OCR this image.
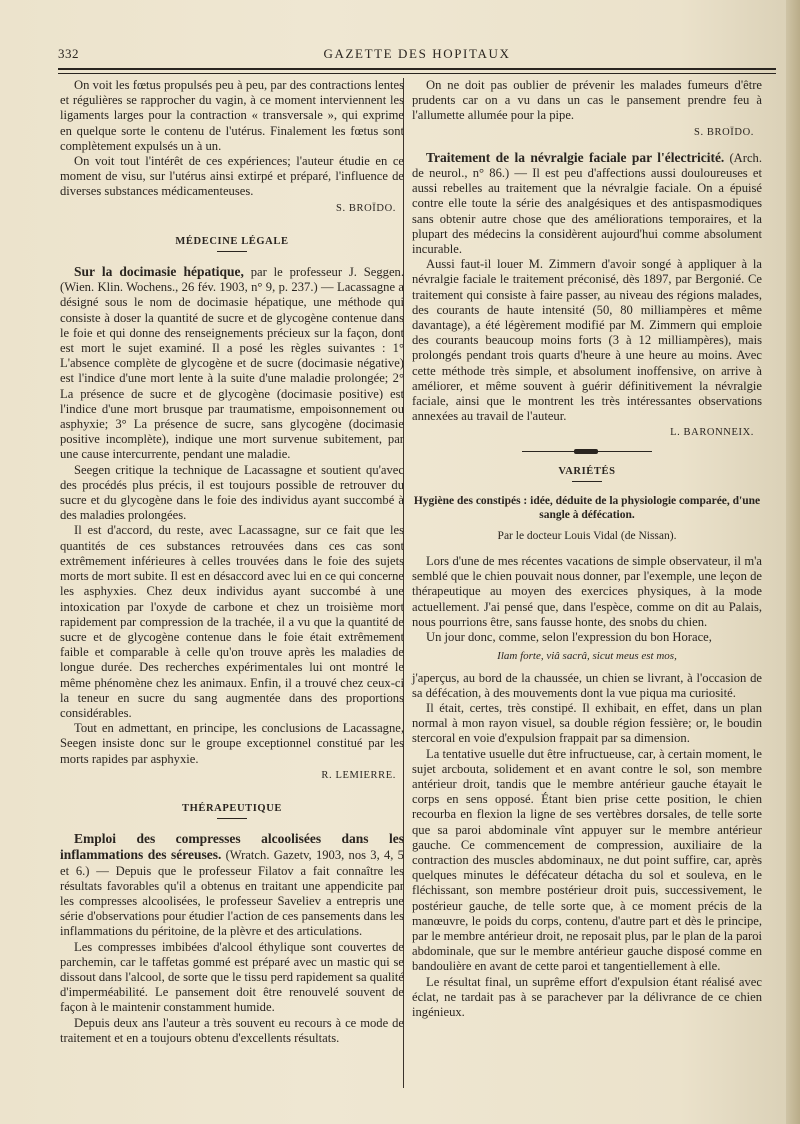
332	GAZETTE DES HOPITAUX

On voit les fœtus propulsés peu à peu, par des contractions lentes et régulières se rapprocher du vagin, à ce moment interviennent les ligaments larges pour la contraction « transversale », qui exprime en quelque sorte le contenu de l'utérus. Finalement les fœtus sont complètement expulsés un à un.

On voit tout l'intérêt de ces expériences; l'auteur étudie en ce moment de visu, sur l'utérus ainsi extirpé et préparé, l'influence de diverses substances médicamenteuses.

S. BROÏDO.
MÉDECINE LÉGALE

Sur la docimasie hépatique, par le professeur J. Seggen. (Wien. Klin. Wochens., 26 fév. 1903, n° 9, p. 237.) — Lacassagne a désigné sous le nom de docimasie hépatique, une méthode qui consiste à doser la quantité de sucre et de glycogène contenue dans le foie et qui donne des renseignements précieux sur la façon, dont est mort le sujet examiné. Il a posé les règles suivantes : 1° L'absence complète de glycogène et de sucre (docimasie négative) est l'indice d'une mort lente à la suite d'une maladie prolongée; 2° La présence de sucre et de glycogène (docimasie positive) est l'indice d'une mort brusque par traumatisme, empoisonnement ou asphyxie; 3° La présence de sucre, sans glycogène (docimasie positive incomplète), indique une mort survenue subitement, par une cause intercurrente, pendant une maladie.

Seegen critique la technique de Lacassagne et soutient qu'avec des procédés plus précis, il est toujours possible de retrouver du sucre et du glycogène dans le foie des individus ayant succombé à des maladies prolongées.

Il est d'accord, du reste, avec Lacassagne, sur ce fait que les quantités de ces substances retrouvées dans ces cas sont extrêmement inférieures à celles trouvées dans le foie des sujets morts de mort subite. Il est en désaccord avec lui en ce qui concerne les asphyxies. Chez deux individus ayant succombé à une intoxication par l'oxyde de carbone et chez un troisième mort rapidement par compression de la trachée, il a vu que la quantité de sucre et de glycogène contenue dans le foie était extrêmement faible et comparable à celle qu'on trouve après les maladies de longue durée. Des recherches expérimentales lui ont montré le même phénomène chez les animaux. Enfin, il a trouvé chez ceux-ci la teneur en sucre du sang augmentée dans des proportions considérables.

Tout en admettant, en principe, les conclusions de Lacassagne, Seegen insiste donc sur le groupe exceptionnel constitué par les morts rapides par asphyxie.

R. LEMIERRE.
THÉRAPEUTIQUE

Emploi des compresses alcoolisées dans les inflammations des séreuses. (Wratch. Gazetv, 1903, nos 3, 4, 5 et 6.) — Depuis que le professeur Filatov a fait connaître les résultats favorables qu'il a obtenus en traitant une appendicite par les compresses alcoolisées, le professeur Saveliev a entrepris une série d'observations pour étudier l'action de ces pansements dans les inflammations du péritoine, de la plèvre et des articulations.

Les compresses imbibées d'alcool éthylique sont couvertes de parchemin, car le taffetas gommé est préparé avec un mastic qui se dissout dans l'alcool, de sorte que le tissu perd rapidement sa qualité d'imperméabilité. Le pansement doit être renouvelé souvent de façon à le maintenir constamment humide.

Depuis deux ans l'auteur a très souvent eu recours à ce mode de traitement et en a toujours obtenu d'excellents résultats.

On ne doit pas oublier de prévenir les malades fumeurs d'être prudents car on a vu dans un cas le pansement prendre feu à l'allumette allumée pour la pipe.

S. BROÏDO.

Traitement de la névralgie faciale par l'électricité. (Arch. de neurol., n° 86.) — Il est peu d'affections aussi douloureuses et aussi rebelles au traitement que la névralgie faciale. On a épuisé contre elle toute la série des analgésiques et des antispasmodiques sans obtenir autre chose que des améliorations temporaires, et la plupart des médecins la considèrent aujourd'hui comme absolument incurable.

Aussi faut-il louer M. Zimmern d'avoir songé à appliquer à la névralgie faciale le traitement préconisé, dès 1897, par Bergonié. Ce traitement qui consiste à faire passer, au niveau des régions malades, des courants de haute intensité (50, 80 milliampères et même davantage), a été légèrement modifié par M. Zimmern qui emploie des courants beaucoup moins forts (3 à 12 milliampères), mais prolongés pendant trois quarts d'heure à une heure au moins. Avec cette méthode très simple, et absolument inoffensive, on arrive à améliorer, et même souvent à guérir définitivement la névralgie faciale, ainsi que le montrent les très intéressantes observations annexées au travail de l'auteur.

L. BARONNEIX.
VARIÉTÉS
Hygiène des constipés : idée, déduite de la physiologie comparée, d'une sangle à défécation.
Par le docteur Louis Vidal (de Nissan).

Lors d'une de mes récentes vacations de simple observateur, il m'a semblé que le chien pouvait nous donner, par l'exemple, une leçon de thérapeutique au moyen des exercices physiques, à la mode actuellement. J'ai pensé que, dans l'espèce, comme on dit au Palais, nous pourrions être, sans fausse honte, des snobs du chien.

Un jour donc, comme, selon l'expression du bon Horace,

Ilam forte, viâ sacrâ, sicut meus est mos,

j'aperçus, au bord de la chaussée, un chien se livrant, à l'occasion de sa défécation, à des mouvements dont la vue piqua ma curiosité.

Il était, certes, très constipé. Il exhibait, en effet, dans un plan normal à mon rayon visuel, sa double région fessière; or, le boudin stercoral en voie d'expulsion frappait par sa dimension.

La tentative usuelle dut être infructueuse, car, à certain moment, le sujet arcbouta, solidement et en avant contre le sol, son membre antérieur droit, tandis que le membre antérieur gauche étayait le corps en sens opposé. Étant bien prise cette position, le chien recourba en flexion la ligne de ses vertèbres dorsales, de telle sorte que sa paroi abdominale vînt appuyer sur le membre antérieur gauche. Ce commencement de compression, auxiliaire de la contraction des muscles abdominaux, ne dut point suffire, car, après quelques minutes le défécateur détacha du sol et souleva, en le fléchissant, son membre postérieur droit puis, successivement, le postérieur gauche, de telle sorte que, à ce moment précis de la manœuvre, le poids du corps, contenu, d'autre part et dès le principe, par le membre antérieur droit, ne reposait plus, par le plan de la paroi abdominale, que sur le membre antérieur gauche disposé comme en bandoulière en avant de cette paroi et tangentiellement à elle.

Le résultat final, un suprême effort d'expulsion étant réalisé avec éclat, ne tardait pas à se parachever par la délivrance de ce chien ingénieux.
